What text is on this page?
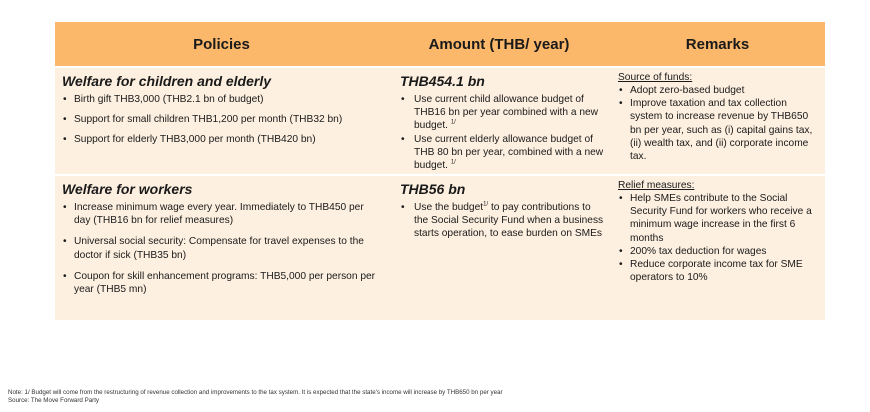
Policies	Amount (THB/ year)	Remarks
Welfare for children and elderly
• Birth gift THB3,000 (THB2.1 bn of budget)
• Support for small children THB1,200 per month (THB32 bn)
• Support for elderly THB3,000 per month (THB420 bn)
THB454.1 bn
• Use current child allowance budget of THB16 bn per year combined with a new budget. $^{1/}$
• Use current elderly allowance budget of THB 80 bn per year, combined with a new budget. $^{1/}$
Source of funds:
• Adopt zero-based budget
• Improve taxation and tax collection system to increase revenue by THB650 bn per year, such as (i) capital gains tax, (ii) wealth tax, and (ii) corporate income tax.
Welfare for workers
• Increase minimum wage every year. Immediately to THB450 per day (THB16 bn for relief measures)
• Universal social security: Compensate for travel expenses to the doctor if sick (THB35 bn)
• Coupon for skill enhancement programs: THB5,000 per person per year (THB5 mn)
THB56 bn
• Use the budget$^{1/}$ to pay contributions to the Social Security Fund when a business starts operation, to ease burden on SMEs
Relief measures:
• Help SMEs contribute to the Social Security Fund for workers who receive a minimum wage increase in the first 6 months
• 200% tax deduction for wages
• Reduce corporate income tax for SME operators to 10%
Note: 1/ Budget will come from the restructuring of revenue collection and improvements to the tax system. It is expected that the state's income will increase by THB650 bn per year
Source: The Move Forward Party
